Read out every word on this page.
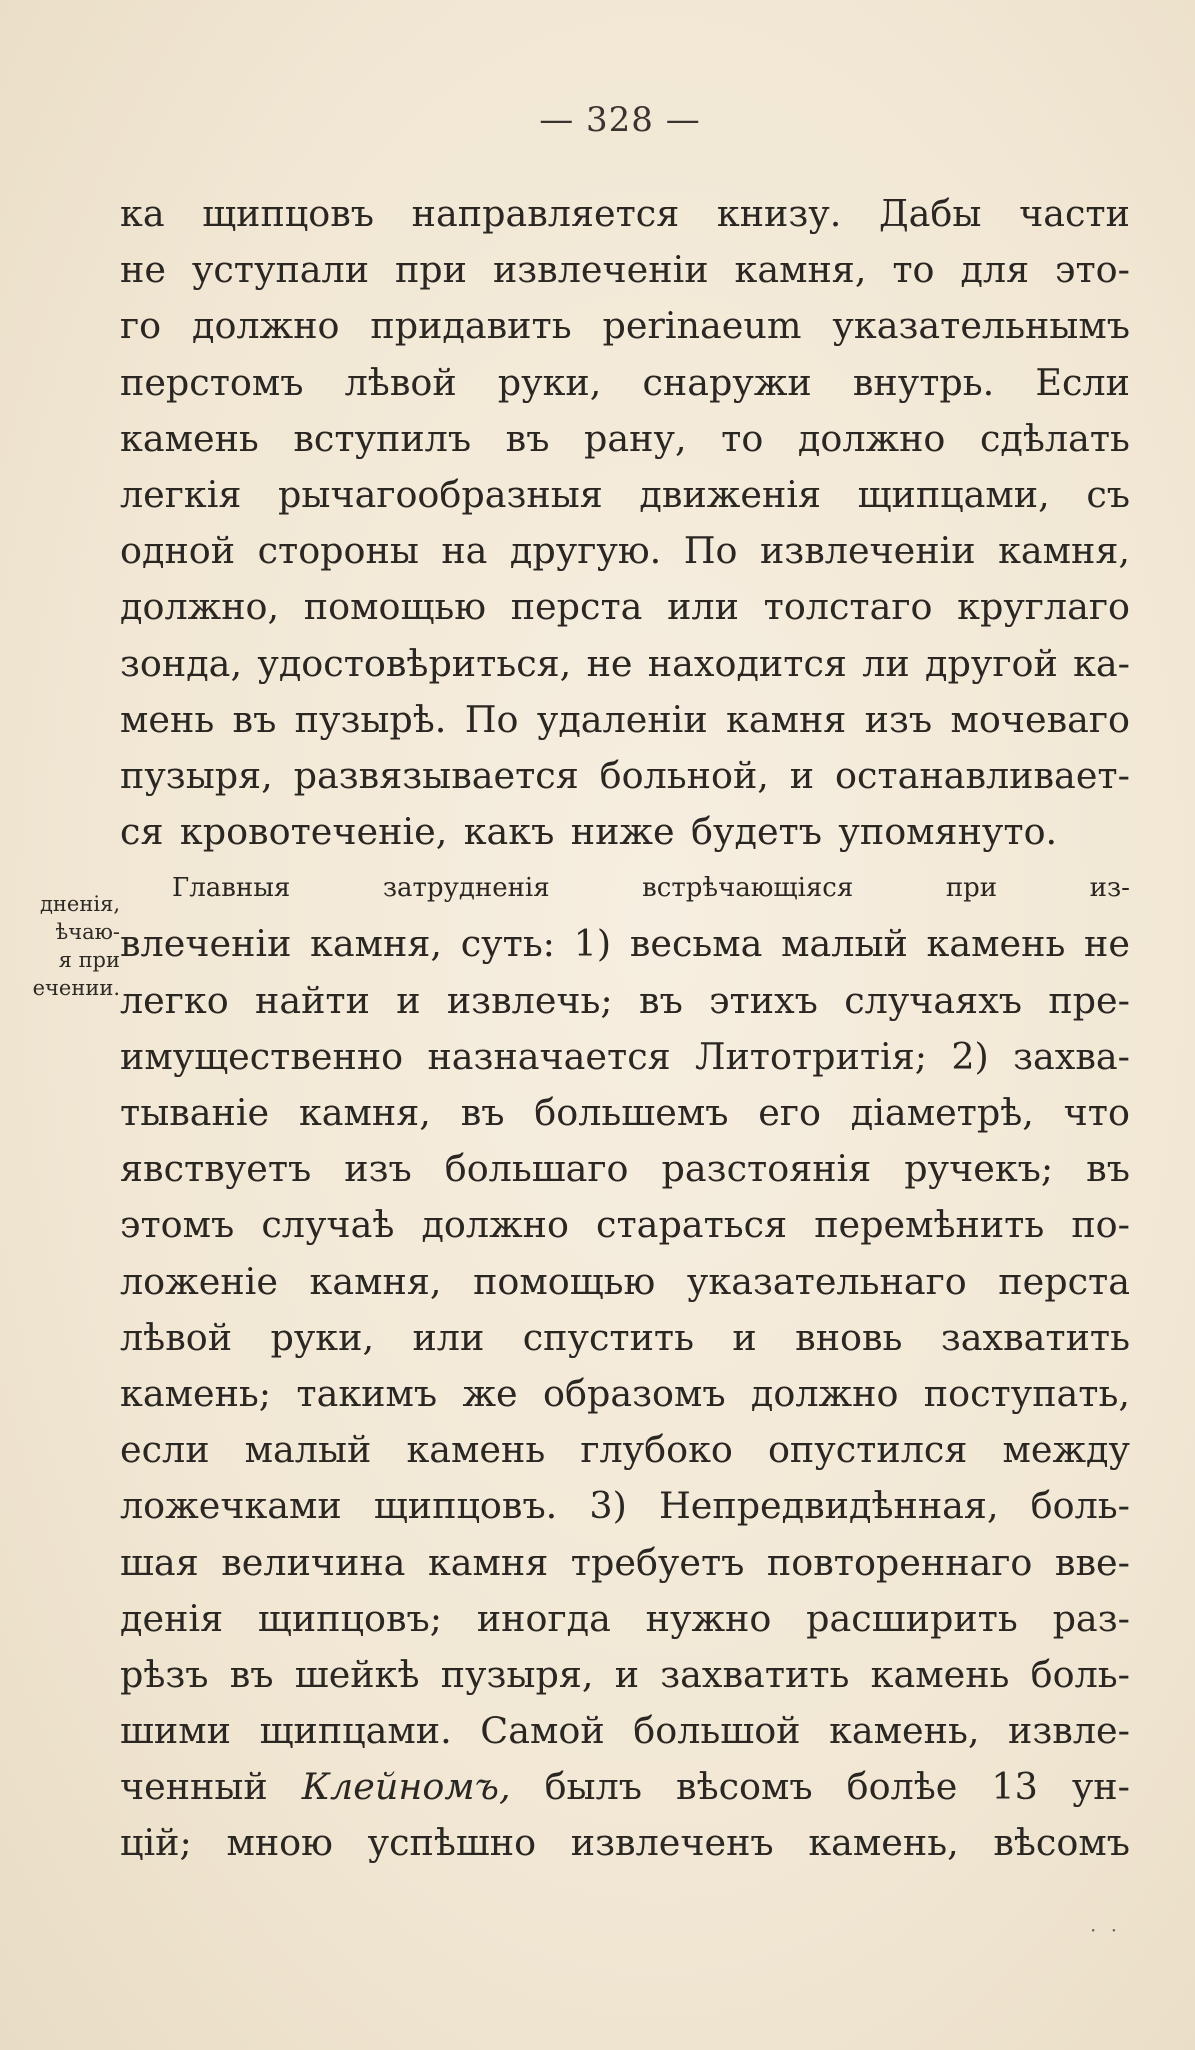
— 328 —
дненія,
ѣчаю-
я при
ечении.
ка щипцовъ направляется книзу. Дабы части
не уступали при извлеченіи камня, то для это-
го должно придавить perinaeum указательнымъ
перстомъ лѣвой руки, снаружи внутрь. Если
камень вступилъ въ рану, то должно сдѣлать
легкія рычагообразныя движенія щипцами, съ
одной стороны на другую. По извлеченіи камня,
должно, помощью перста или толстаго круглаго
зонда, удостовѣриться, не находится ли другой ка-
мень въ пузырѣ. По удаленіи камня изъ мочеваго
пузыря, развязывается больной, и останавливает-
ся кровотеченіе, какъ ниже будетъ упомянуто.
Главныя	затрудненія	встрѣчающіяся	при	из-
влеченіи камня, суть: 1) весьма малый камень не
легко найти и извлечь; въ этихъ случаяхъ пре-
имущественно назначается Литотритія; 2) захва-
тываніе камня, въ большемъ его діаметрѣ, что
явствуетъ изъ большаго разстоянія ручекъ; въ
этомъ случаѣ должно стараться перемѣнить по-
ложеніе камня, помощью указательнаго перста
лѣвой руки, или спустить и вновь захватить
камень; такимъ же образомъ должно поступать,
если малый камень глубоко опустился между
ложечками щипцовъ. 3) Непредвидѣнная, боль-
шая величина камня требуетъ повтореннаго вве-
денія щипцовъ; иногда нужно расширить раз-
рѣзъ въ шейкѣ пузыря, и захватить камень боль-
шими щипцами. Самой большой камень, извле-
ченный Клейномъ, былъ вѣсомъ болѣе 13 ун-
цій; мною успѣшно извлеченъ камень, вѣсомъ
· ·
